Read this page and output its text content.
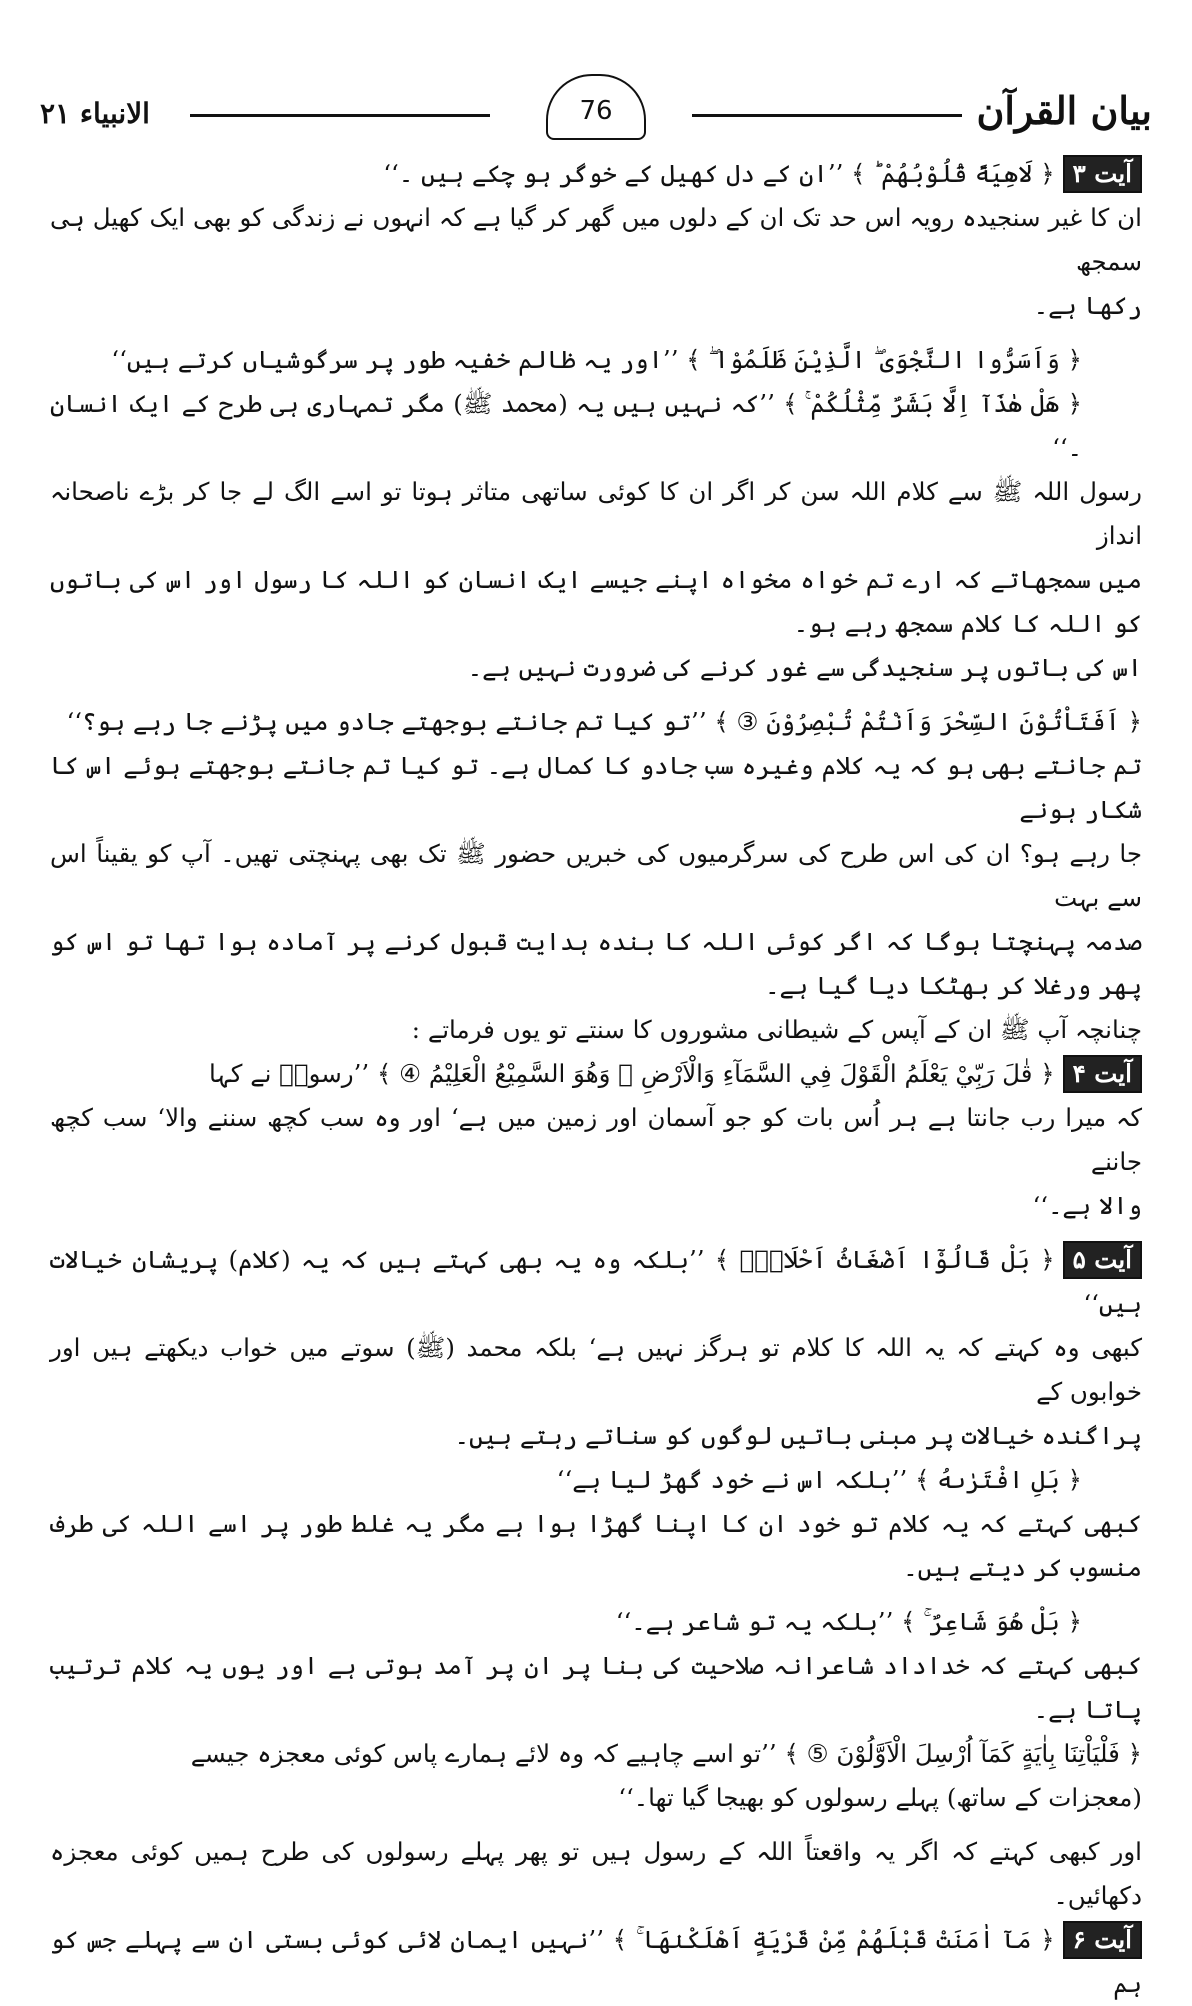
بیان القرآن
76
الانبیاء ۲۱

آیت ۳﴿ لَاهِيَةً قُلُوْبُهُمْ ؕ ﴾ ’’ان کے دل کھیل کے خوگر ہو چکے ہیں ۔‘‘

ان کا غیر سنجیدہ رویہ اس حد تک ان کے دلوں میں گھر کر گیا ہے کہ انہوں نے زندگی کو بھی ایک کھیل ہی سمجھ

رکھا ہے۔

﴿ وَاَسَرُّوا النَّجْوَى ۖ الَّذِيْنَ ظَلَمُوْا ۖ ﴾ ’’اور یہ ظالم خفیہ طور پر سرگوشیاں کرتے ہیں‘‘

﴿ هَلْ هٰذَآ اِلَّا بَشَرٌ مِّثْلُكُمْ ۚ ﴾ ’’کہ نہیں ہیں یہ (محمد ﷺ) مگر تمہاری ہی طرح کے ایک انسان ۔‘‘

رسول اللہ ﷺ سے کلام اللہ سن کر اگر ان کا کوئی ساتھی متاثر ہوتا تو اسے الگ لے جا کر بڑے ناصحانہ انداز

میں سمجھاتے کہ ارے تم خواہ مخواہ اپنے جیسے ایک انسان کو اللہ کا رسول اور اس کی باتوں کو اللہ کا کلام سمجھ رہے ہو۔

اس کی باتوں پر سنجیدگی سے غور کرنے کی ضرورت نہیں ہے۔

﴿ اَفَتَاْتُوْنَ السِّحْرَ وَاَنْتُمْ تُبْصِرُوْنَ ③ ﴾ ’’تو کیا تم جانتے بوجھتے جادو میں پڑنے جا رہے ہو؟‘‘

تم جانتے بھی ہو کہ یہ کلام وغیرہ سب جادو کا کمال ہے۔ تو کیا تم جانتے بوجھتے ہوئے اس کا شکار ہونے

جا رہے ہو؟ ان کی اس طرح کی سرگرمیوں کی خبریں حضور ﷺ تک بھی پہنچتی تھیں۔ آپ کو یقیناً اس سے بہت

صدمہ پہنچتا ہوگا کہ اگر کوئی اللہ کا بندہ ہدایت قبول کرنے پر آمادہ ہوا تھا تو اس کو پھر ورغلا کر بھٹکا دیا گیا ہے۔

چنانچہ آپ ﷺ ان کے آپس کے شیطانی مشوروں کا سنتے تو یوں فرماتے :

آیت ۴﴿ قٰلَ رَبِّيْ يَعْلَمُ الْقَوْلَ فِي السَّمَآءِ وَالْاَرْضِ ۡ وَهُوَ السَّمِيْعُ الْعَلِيْمُ ④ ﴾ ’’رسولؐ نے کہا

کہ میرا رب جانتا ہے ہر اُس بات کو جو آسمان اور زمین میں ہے‘ اور وہ سب کچھ سننے والا‘ سب کچھ جاننے

والا ہے۔‘‘

آیت ۵﴿ بَلْ قَالُوْٓا اَضْغَاثُ اَحْلَامٍۭ ﴾ ’’بلکہ وہ یہ بھی کہتے ہیں کہ یہ (کلام) پریشان خیالات ہیں‘‘

کبھی وہ کہتے کہ یہ اللہ کا کلام تو ہرگز نہیں ہے‘ بلکہ محمد (ﷺ) سوتے میں خواب دیکھتے ہیں اور خوابوں کے

پراگندہ خیالات پر مبنی باتیں لوگوں کو سناتے رہتے ہیں۔

﴿ بَلِ افْتَرٰىهُ ﴾ ’’بلکہ اس نے خود گھڑ لیا ہے‘‘

کبھی کہتے کہ یہ کلام تو خود ان کا اپنا گھڑا ہوا ہے مگر یہ غلط طور پر اسے اللہ کی طرف منسوب کر دیتے ہیں۔

﴿ بَلْ هُوَ شَاعِرٌ ۚ ﴾ ’’بلکہ یہ تو شاعر ہے۔‘‘

کبھی کہتے کہ خداداد شاعرانہ صلاحیت کی بنا پر ان پر آمد ہوتی ہے اور یوں یہ کلام ترتیب پاتا ہے۔

﴿ فَلْيَاْتِنَا بِاٰيَةٍ كَمَآ اُرْسِلَ الْاَوَّلُوْنَ ⑤ ﴾ ’’تو اسے چاہیے کہ وہ لائے ہمارے پاس کوئی معجزہ جیسے

(معجزات کے ساتھ) پہلے رسولوں کو بھیجا گیا تھا۔‘‘

اور کبھی کہتے کہ اگر یہ واقعتاً اللہ کے رسول ہیں تو پھر پہلے رسولوں کی طرح ہمیں کوئی معجزہ دکھائیں۔

آیت ۶﴿ مَآ اٰمَنَتْ قَبْلَهُمْ مِّنْ قَرْيَةٍ اَهْلَكْنٰهَا ۚ ﴾ ’’نہیں ایمان لائی کوئی بستی ان سے پہلے جس کو ہم
